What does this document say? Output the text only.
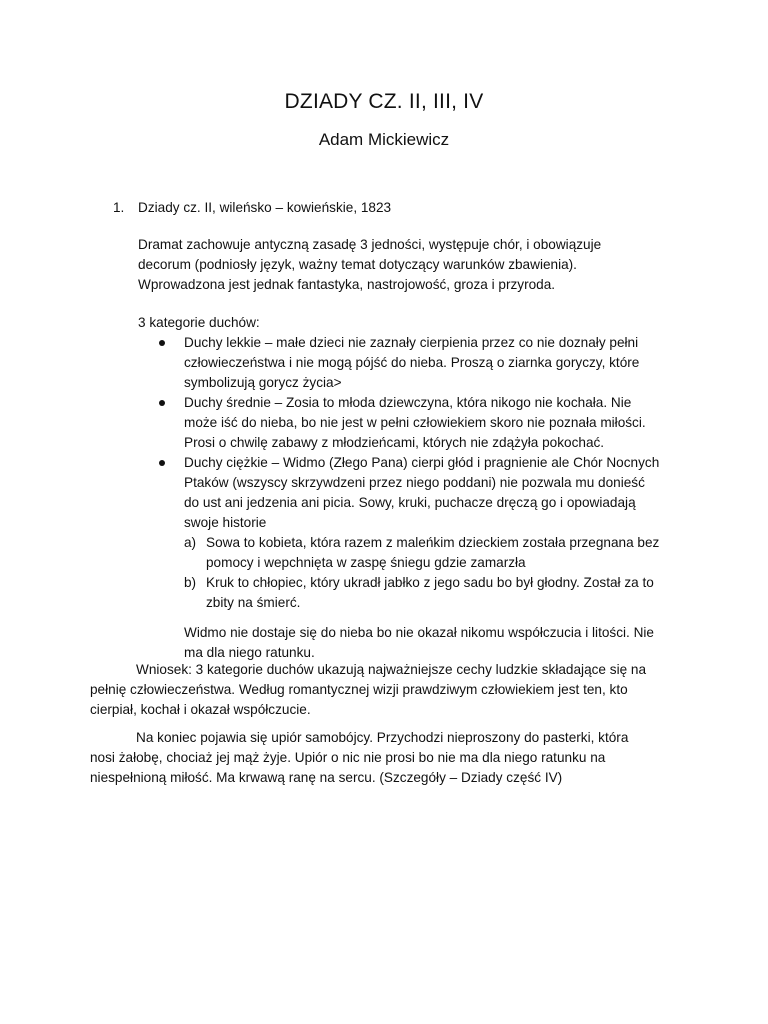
DZIADY CZ. II, III, IV
Adam Mickiewicz
1. Dziady cz. II, wileńsko – kowieńskie, 1823
Dramat zachowuje antyczną zasadę 3 jedności, występuje chór, i obowiązuje
decorum (podniosły język, ważny temat dotyczący warunków zbawienia).
Wprowadzona jest jednak fantastyka, nastrojowość, groza i przyroda.
3 kategorie duchów:
Duchy lekkie – małe dzieci nie zaznały cierpienia przez co nie doznały pełni
człowieczeństwa i nie mogą pójść do nieba. Proszą o ziarnka goryczy, które
symbolizują gorycz życia>
Duchy średnie – Zosia to młoda dziewczyna, która nikogo nie kochała. Nie
może iść do nieba, bo nie jest w pełni człowiekiem skoro nie poznała miłości.
Prosi o chwilę zabawy z młodzieńcami, których nie zdążyła pokochać.
Duchy ciężkie – Widmo (Złego Pana) cierpi głód i pragnienie ale Chór Nocnych
Ptaków (wszyscy skrzywdzeni przez niego poddani) nie pozwala mu donieść
do ust ani jedzenia ani picia. Sowy, kruki, puchacze dręczą go i opowiadają
swoje historie
a) Sowa to kobieta, która razem z maleńkim dzieckiem została przegnana bez
pomocy i wepchnięta w zaspę śniegu gdzie zamarzła
b) Kruk to chłopiec, który ukradł jabłko z jego sadu bo był głodny. Został za to
zbity na śmierć.
Widmo nie dostaje się do nieba bo nie okazał nikomu współczucia i litości. Nie
ma dla niego ratunku.

Wniosek: 3 kategorie duchów ukazują najważniejsze cechy ludzkie składające się na
pełnię człowieczeństwa. Według romantycznej wizji prawdziwym człowiekiem jest ten, kto
cierpiał, kochał i okazał współczucie.

Na koniec pojawia się upiór samobójcy. Przychodzi nieproszony do pasterki, która
nosi żałobę, chociaż jej mąż żyje. Upiór o nic nie prosi bo nie ma dla niego ratunku na
niespełnioną miłość. Ma krwawą ranę na sercu. (Szczegóły – Dziady część IV)
